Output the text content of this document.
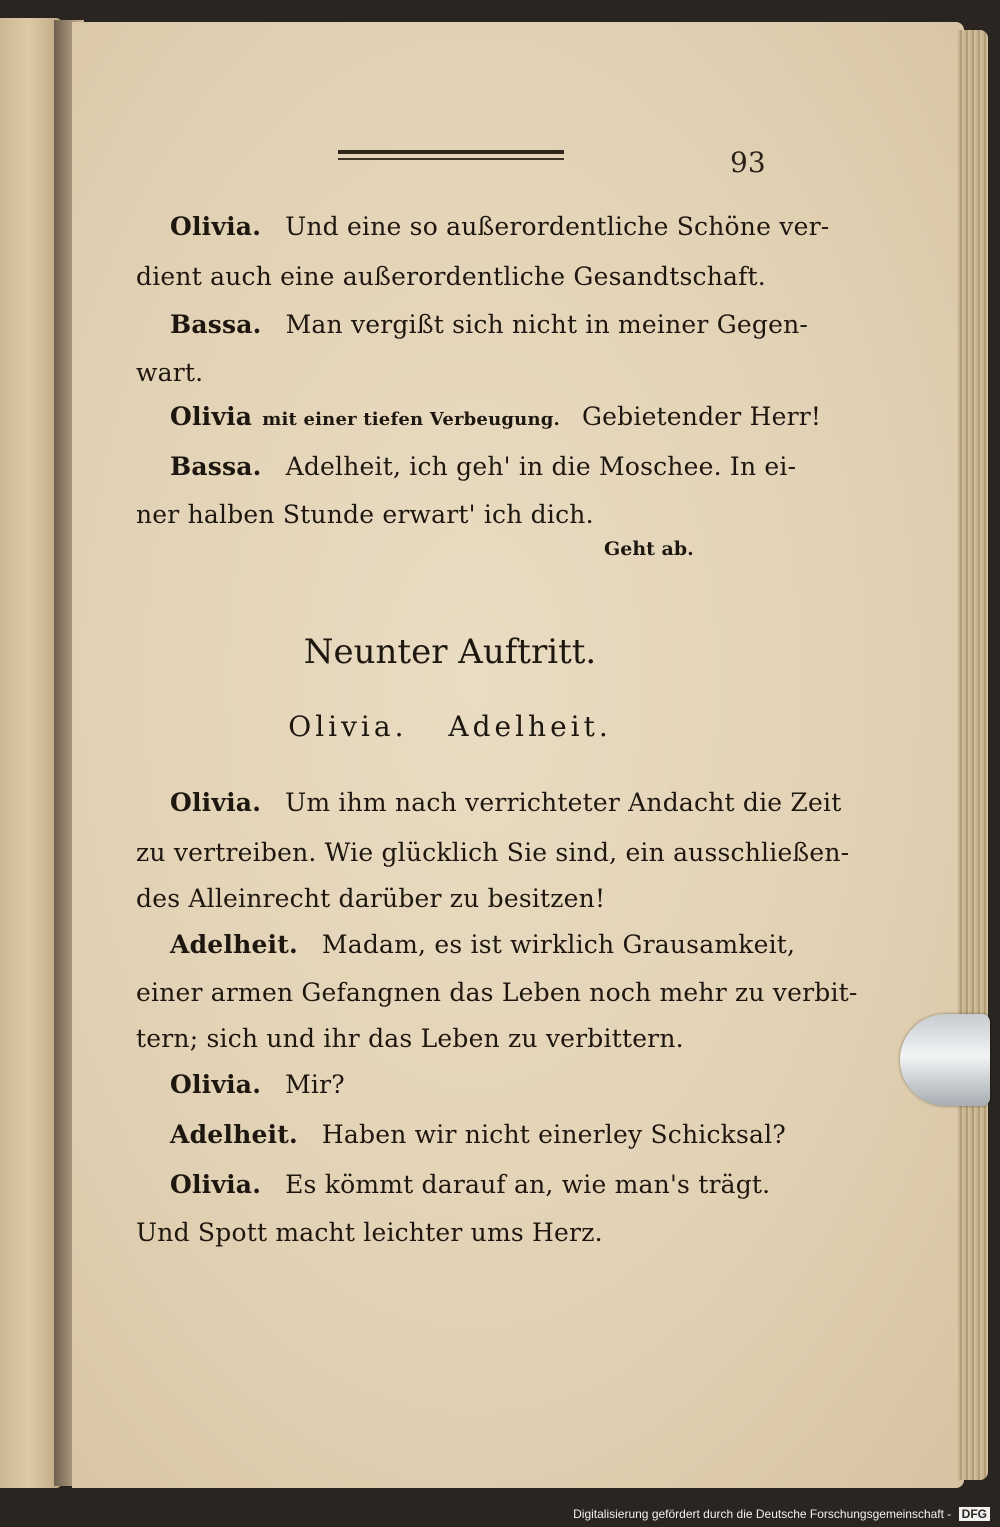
93
Olivia. Und eine so außerordentliche Schöne ver-
dient auch eine außerordentliche Gesandtschaft.
Bassa. Man vergißt sich nicht in meiner Gegen-
wart.
Olivia mit einer tiefen Verbeugung. Gebietender Herr!
Bassa. Adelheit, ich geh' in die Moschee. In ei-
ner halben Stunde erwart' ich dich.
Geht ab.
Neunter Auftritt.
Olivia. Adelheit.
Olivia. Um ihm nach verrichteter Andacht die Zeit
zu vertreiben. Wie glücklich Sie sind, ein ausschließen-
des Alleinrecht darüber zu besitzen!
Adelheit. Madam, es ist wirklich Grausamkeit,
einer armen Gefangnen das Leben noch mehr zu verbit-
tern; sich und ihr das Leben zu verbittern.
Olivia. Mir?
Adelheit. Haben wir nicht einerley Schicksal?
Olivia. Es kömmt darauf an, wie man's trägt.
Und Spott macht leichter ums Herz.
Digitalisierung gefördert durch die Deutsche Forschungsgemeinschaft - DFG
